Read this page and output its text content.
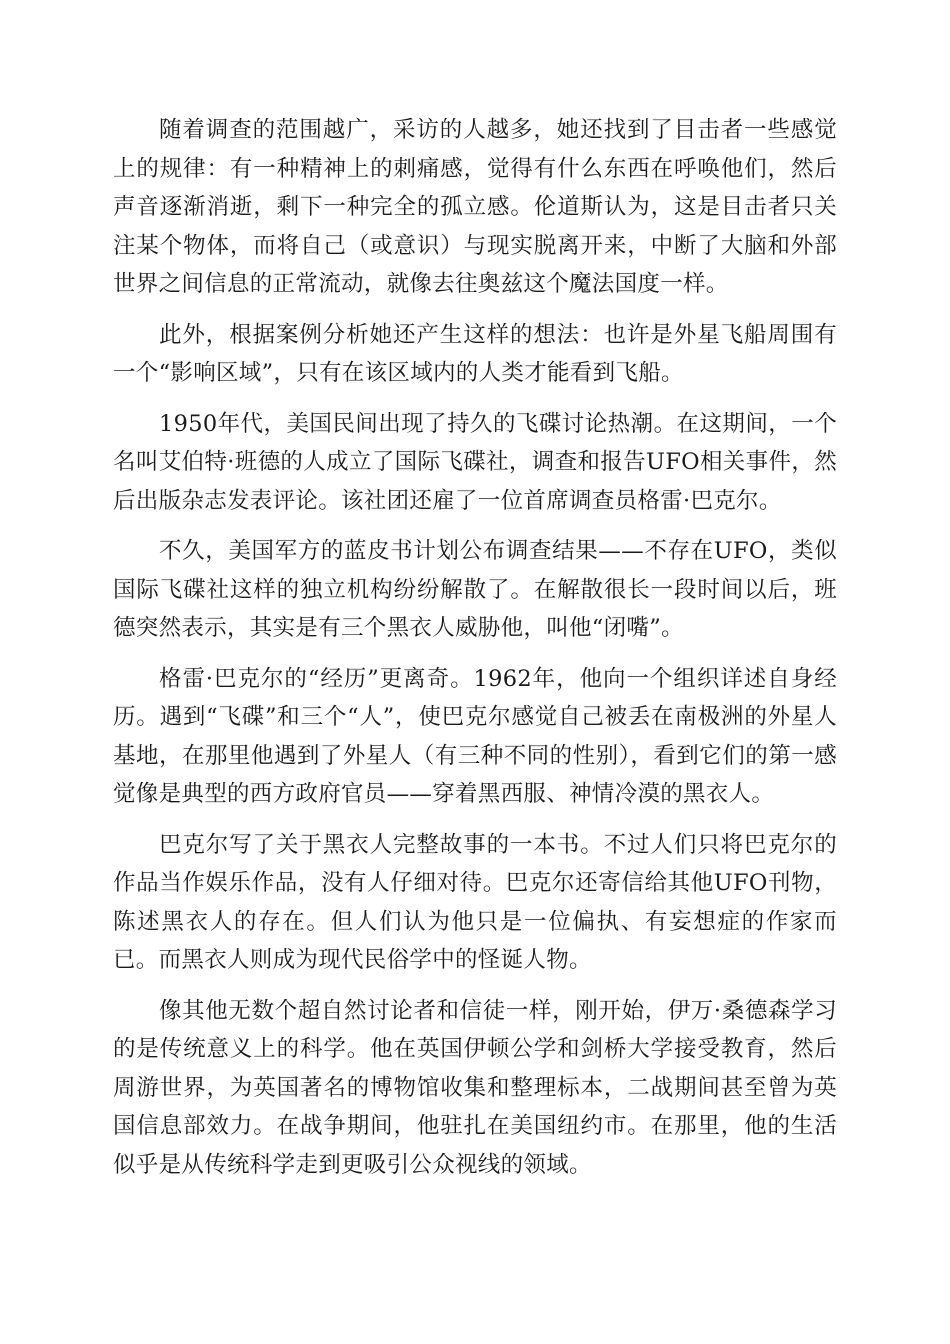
随着调查的范围越广，采访的人越多，她还找到了目击者一些感觉上的规律：有一种精神上的刺痛感，觉得有什么东西在呼唤他们，然后声音逐渐消逝，剩下一种完全的孤立感。伦道斯认为，这是目击者只关注某个物体，而将自己（或意识）与现实脱离开来，中断了大脑和外部世界之间信息的正常流动，就像去往奥兹这个魔法国度一样。

此外，根据案例分析她还产生这样的想法：也许是外星飞船周围有一个“影响区域”，只有在该区域内的人类才能看到飞船。

1950年代，美国民间出现了持久的飞碟讨论热潮。在这期间，一个名叫艾伯特·班德的人成立了国际飞碟社，调查和报告UFO相关事件，然后出版杂志发表评论。该社团还雇了一位首席调查员格雷·巴克尔。

不久，美国军方的蓝皮书计划公布调查结果——不存在UFO，类似国际飞碟社这样的独立机构纷纷解散了。在解散很长一段时间以后，班德突然表示，其实是有三个黑衣人威胁他，叫他“闭嘴”。

格雷·巴克尔的“经历”更离奇。1962年，他向一个组织详述自身经历。遇到“飞碟”和三个“人”，使巴克尔感觉自己被丢在南极洲的外星人基地，在那里他遇到了外星人（有三种不同的性别），看到它们的第一感觉像是典型的西方政府官员——穿着黑西服、神情冷漠的黑衣人。

巴克尔写了关于黑衣人完整故事的一本书。不过人们只将巴克尔的作品当作娱乐作品，没有人仔细对待。巴克尔还寄信给其他UFO刊物，陈述黑衣人的存在。但人们认为他只是一位偏执、有妄想症的作家而已。而黑衣人则成为现代民俗学中的怪诞人物。

像其他无数个超自然讨论者和信徒一样，刚开始，伊万·桑德森学习的是传统意义上的科学。他在英国伊顿公学和剑桥大学接受教育，然后周游世界，为英国著名的博物馆收集和整理标本，二战期间甚至曾为英国信息部效力。在战争期间，他驻扎在美国纽约市。在那里，他的生活似乎是从传统科学走到更吸引公众视线的领域。
